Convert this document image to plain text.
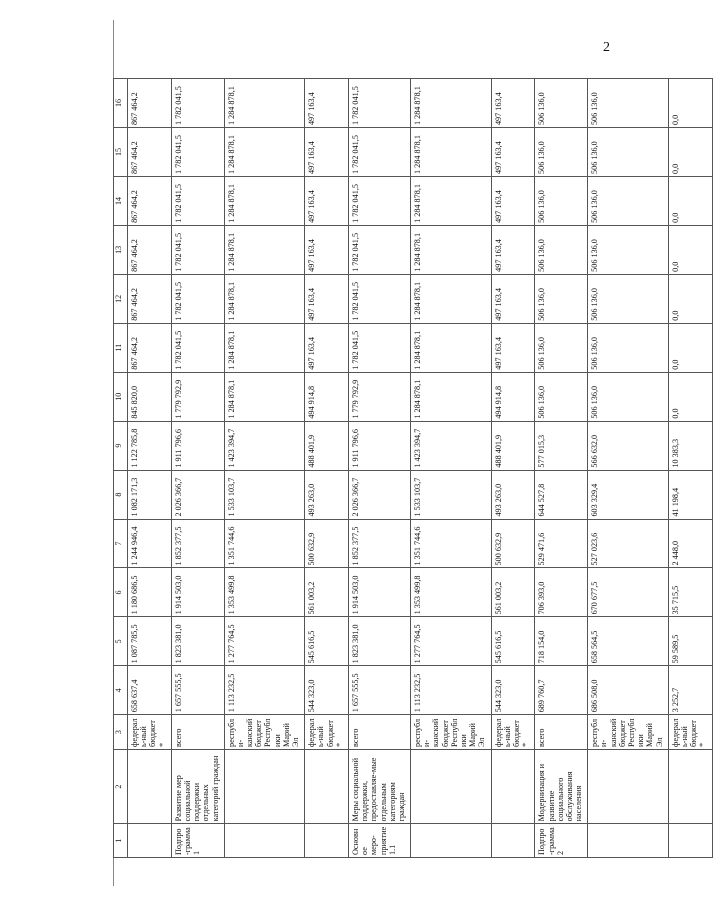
2
1	2	3	4	5	6	7	8	9	10	11	12	13	14	15	16
		федераль-ный бюджет*	658 637,4	1 087 785,5	1 180 686,5	1 244 946,4	1 082 171,3	1 122 785,8	845 820,0	867 464,2	867 464,2	867 464,2	867 464,2	867 464,2	867 464,2
Подпро-грамма 1	Развитие мер социальной поддержки отдельных категорий граждан	всего	1 657 555,5	1 823 381,0	1 914 503,0	1 852 377,5	2 026 366,7	1 911 796,6	1 779 792,9	1 782 041,5	1 782 041,5	1 782 041,5	1 782 041,5	1 782 041,5	1 782 041,5
		республи-канский бюджет Республики Марий Эл	1 113 232,5	1 277 764,5	1 353 499,8	1 351 744,6	1 533 103,7	1 423 394,7	1 284 878,1	1 284 878,1	1 284 878,1	1 284 878,1	1 284 878,1	1 284 878,1	1 284 878,1
		федераль-ный бюджет*	544 323,0	545 616,5	561 003,2	500 632,9	493 263,0	488 401,9	494 914,8	497 163,4	497 163,4	497 163,4	497 163,4	497 163,4	497 163,4
Основное меро-приятие 1.1	Меры социальной поддержки, предоставляе-мые отдельным категориям граждан	всего	1 657 555,5	1 823 381,0	1 914 503,0	1 852 377,5	2 026 366,7	1 911 796,6	1 779 792,9	1 782 041,5	1 782 041,5	1 782 041,5	1 782 041,5	1 782 041,5	1 782 041,5
		республи-канский бюджет Республики Марий Эл	1 113 232,5	1 277 764,5	1 353 499,8	1 351 744,6	1 533 103,7	1 423 394,7	1 284 878,1	1 284 878,1	1 284 878,1	1 284 878,1	1 284 878,1	1 284 878,1	1 284 878,1
		федераль-ный бюджет*	544 323,0	545 616,5	561 003,2	500 632,9	493 263,0	488 401,9	494 914,8	497 163,4	497 163,4	497 163,4	497 163,4	497 163,4	497 163,4
Подпро-грамма 2	Модернизация и развитие социального обслуживания населения	всего	689 760,7	718 154,0	706 393,0	529 471,6	644 527,8	577 015,3	506 136,0	506 136,0	506 136,0	506 136,0	506 136,0	506 136,0	506 136,0
		республи-канский бюджет Республики Марий Эл	686 508,0	658 564,5	670 677,5	527 023,6	603 329,4	566 632,0	506 136,0	506 136,0	506 136,0	506 136,0	506 136,0	506 136,0	506 136,0
		федераль-ный бюджет*	3 252,7	59 589,5	35 715,5	2 448,0	41 198,4	10 383,3	0,0	0,0	0,0	0,0	0,0	0,0	0,0
